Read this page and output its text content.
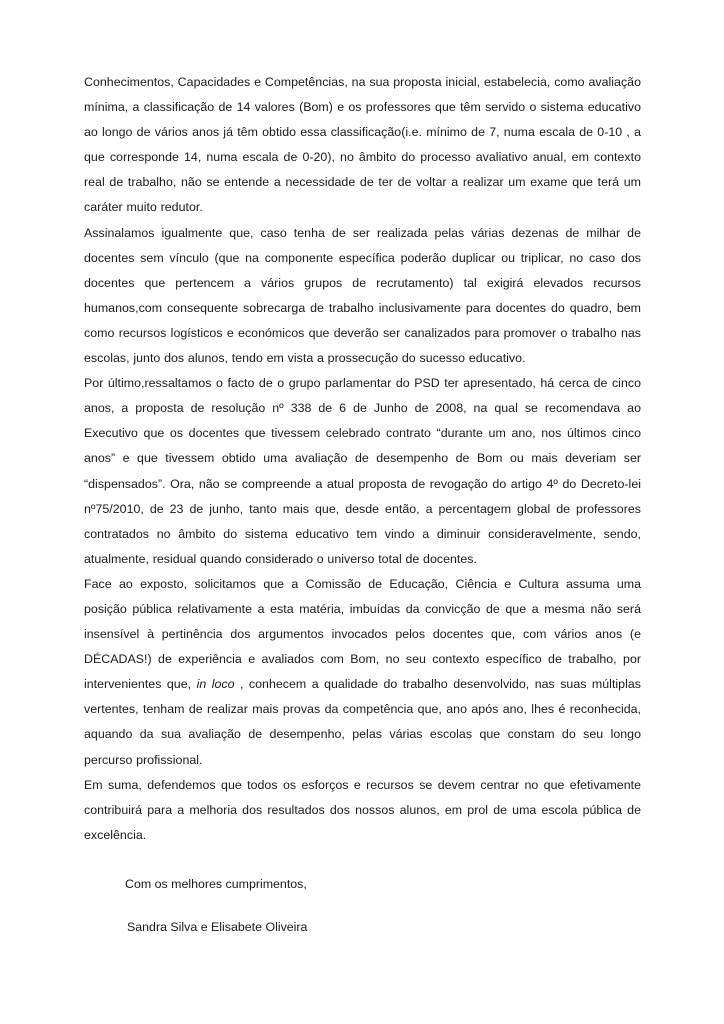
Conhecimentos, Capacidades e Competências, na sua proposta inicial, estabelecia, como avaliação mínima, a classificação de 14 valores (Bom) e os professores que têm servido o sistema educativo ao longo de vários anos já têm obtido essa classificação(i.e. mínimo de 7, numa escala de 0-10 , a que corresponde 14, numa escala de 0-20), no âmbito do processo avaliativo anual, em contexto real de trabalho, não se entende a necessidade de ter de voltar a realizar um exame que terá um caráter muito redutor.

Assinalamos igualmente que, caso tenha de ser realizada pelas várias dezenas de milhar de docentes sem vínculo (que na componente específica poderão duplicar ou triplicar, no caso dos docentes que pertencem a vários grupos de recrutamento) tal exigirá elevados recursos humanos,com consequente sobrecarga de trabalho inclusivamente para docentes do quadro, bem como recursos logísticos e económicos que deverão ser canalizados para promover o trabalho nas escolas, junto dos alunos, tendo em vista a prossecução do sucesso educativo.

Por último,ressaltamos o facto de o grupo parlamentar do PSD ter apresentado, há cerca de cinco anos, a proposta de resolução nº 338 de 6 de Junho de 2008, na qual se recomendava ao Executivo que os docentes que tivessem celebrado contrato “durante um ano, nos últimos cinco anos” e que tivessem obtido uma avaliação de desempenho de Bom ou mais deveriam ser “dispensados”. Ora, não se compreende a atual proposta de revogação do artigo 4º do Decreto-lei nº75/2010, de 23 de junho, tanto mais que, desde então, a percentagem global de professores contratados no âmbito do sistema educativo tem vindo a diminuir consideravelmente, sendo, atualmente, residual quando considerado o universo total de docentes.

Face ao exposto, solicitamos que a Comissão de Educação, Ciência e Cultura assuma uma posição pública relativamente a esta matéria, imbuídas da convicção de que a mesma não será insensível à pertinência dos argumentos invocados pelos docentes que, com vários anos (e DÉCADAS!) de experiência e avaliados com Bom, no seu contexto específico de trabalho, por intervenientes que, in loco , conhecem a qualidade do trabalho desenvolvido, nas suas múltiplas vertentes, tenham de realizar mais provas da competência que, ano após ano, lhes é reconhecida, aquando da sua avaliação de desempenho, pelas várias escolas que constam do seu longo percurso profissional.

Em suma, defendemos que todos os esforços e recursos se devem centrar no que efetivamente contribuirá para a melhoria dos resultados dos nossos alunos, em prol de uma escola pública de excelência.

Com os melhores cumprimentos,

Sandra Silva e Elisabete Oliveira
